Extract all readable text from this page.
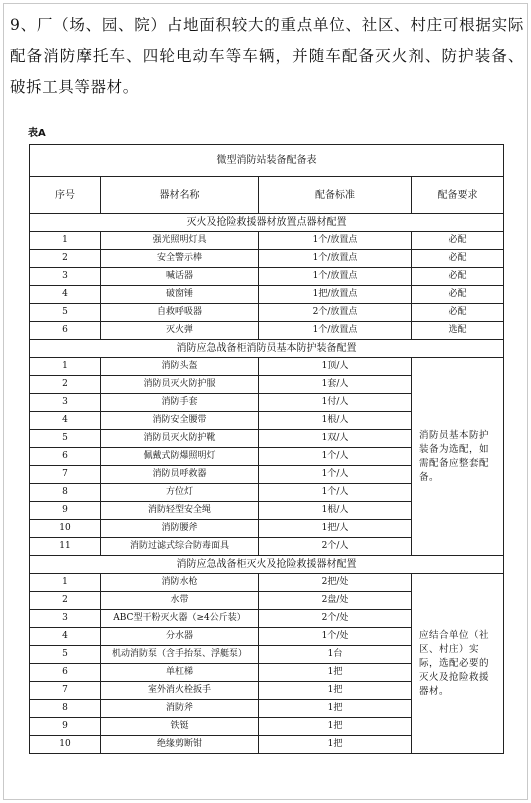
9、厂（场、园、院）占地面积较大的重点单位、社区、村庄可根据实际配备消防摩托车、四轮电动车等车辆，并随车配备灭火剂、防护装备、破拆工具等器材。
表A
微型消防站装备配备表			
序号	器材名称	配备标准	配备要求
灭火及抢险救援器材放置点器材配置			
1	强光照明灯具	1个/放置点	必配
2	安全警示棒	1个/放置点	必配
3	喊话器	1个/放置点	必配
4	破窗锤	1把/放置点	必配
5	自救呼吸器	2个/放置点	必配
6	灭火弹	1个/放置点	选配
消防应急战备柜消防员基本防护装备配置			
1	消防头盔	1顶/人	消防员基本防护装备为选配，如需配备应整套配备。
2	消防员灭火防护服	1套/人	
3	消防手套	1付/人	
4	消防安全腰带	1根/人	
5	消防员灭火防护靴	1双/人	
6	佩戴式防爆照明灯	1个/人	
7	消防员呼救器	1个/人	
8	方位灯	1个/人	
9	消防轻型安全绳	1根/人	
10	消防腰斧	1把/人	
11	消防过滤式综合防毒面具	2个/人	
消防应急战备柜灭火及抢险救援器材配置			
1	消防水枪	2把/处	应结合单位（社区、村庄）实际，选配必要的灭火及抢险救援器材。
2	水带	2盘/处	
3	ABC型干粉灭火器（≥4公斤装）	2个/处	
4	分水器	1个/处	
5	机动消防泵（含手抬泵、浮艇泵）	1台	
6	单杠梯	1把	
7	室外消火栓扳手	1把	
8	消防斧	1把	
9	铁铤	1把	
10	绝缘剪断钳	1把	
